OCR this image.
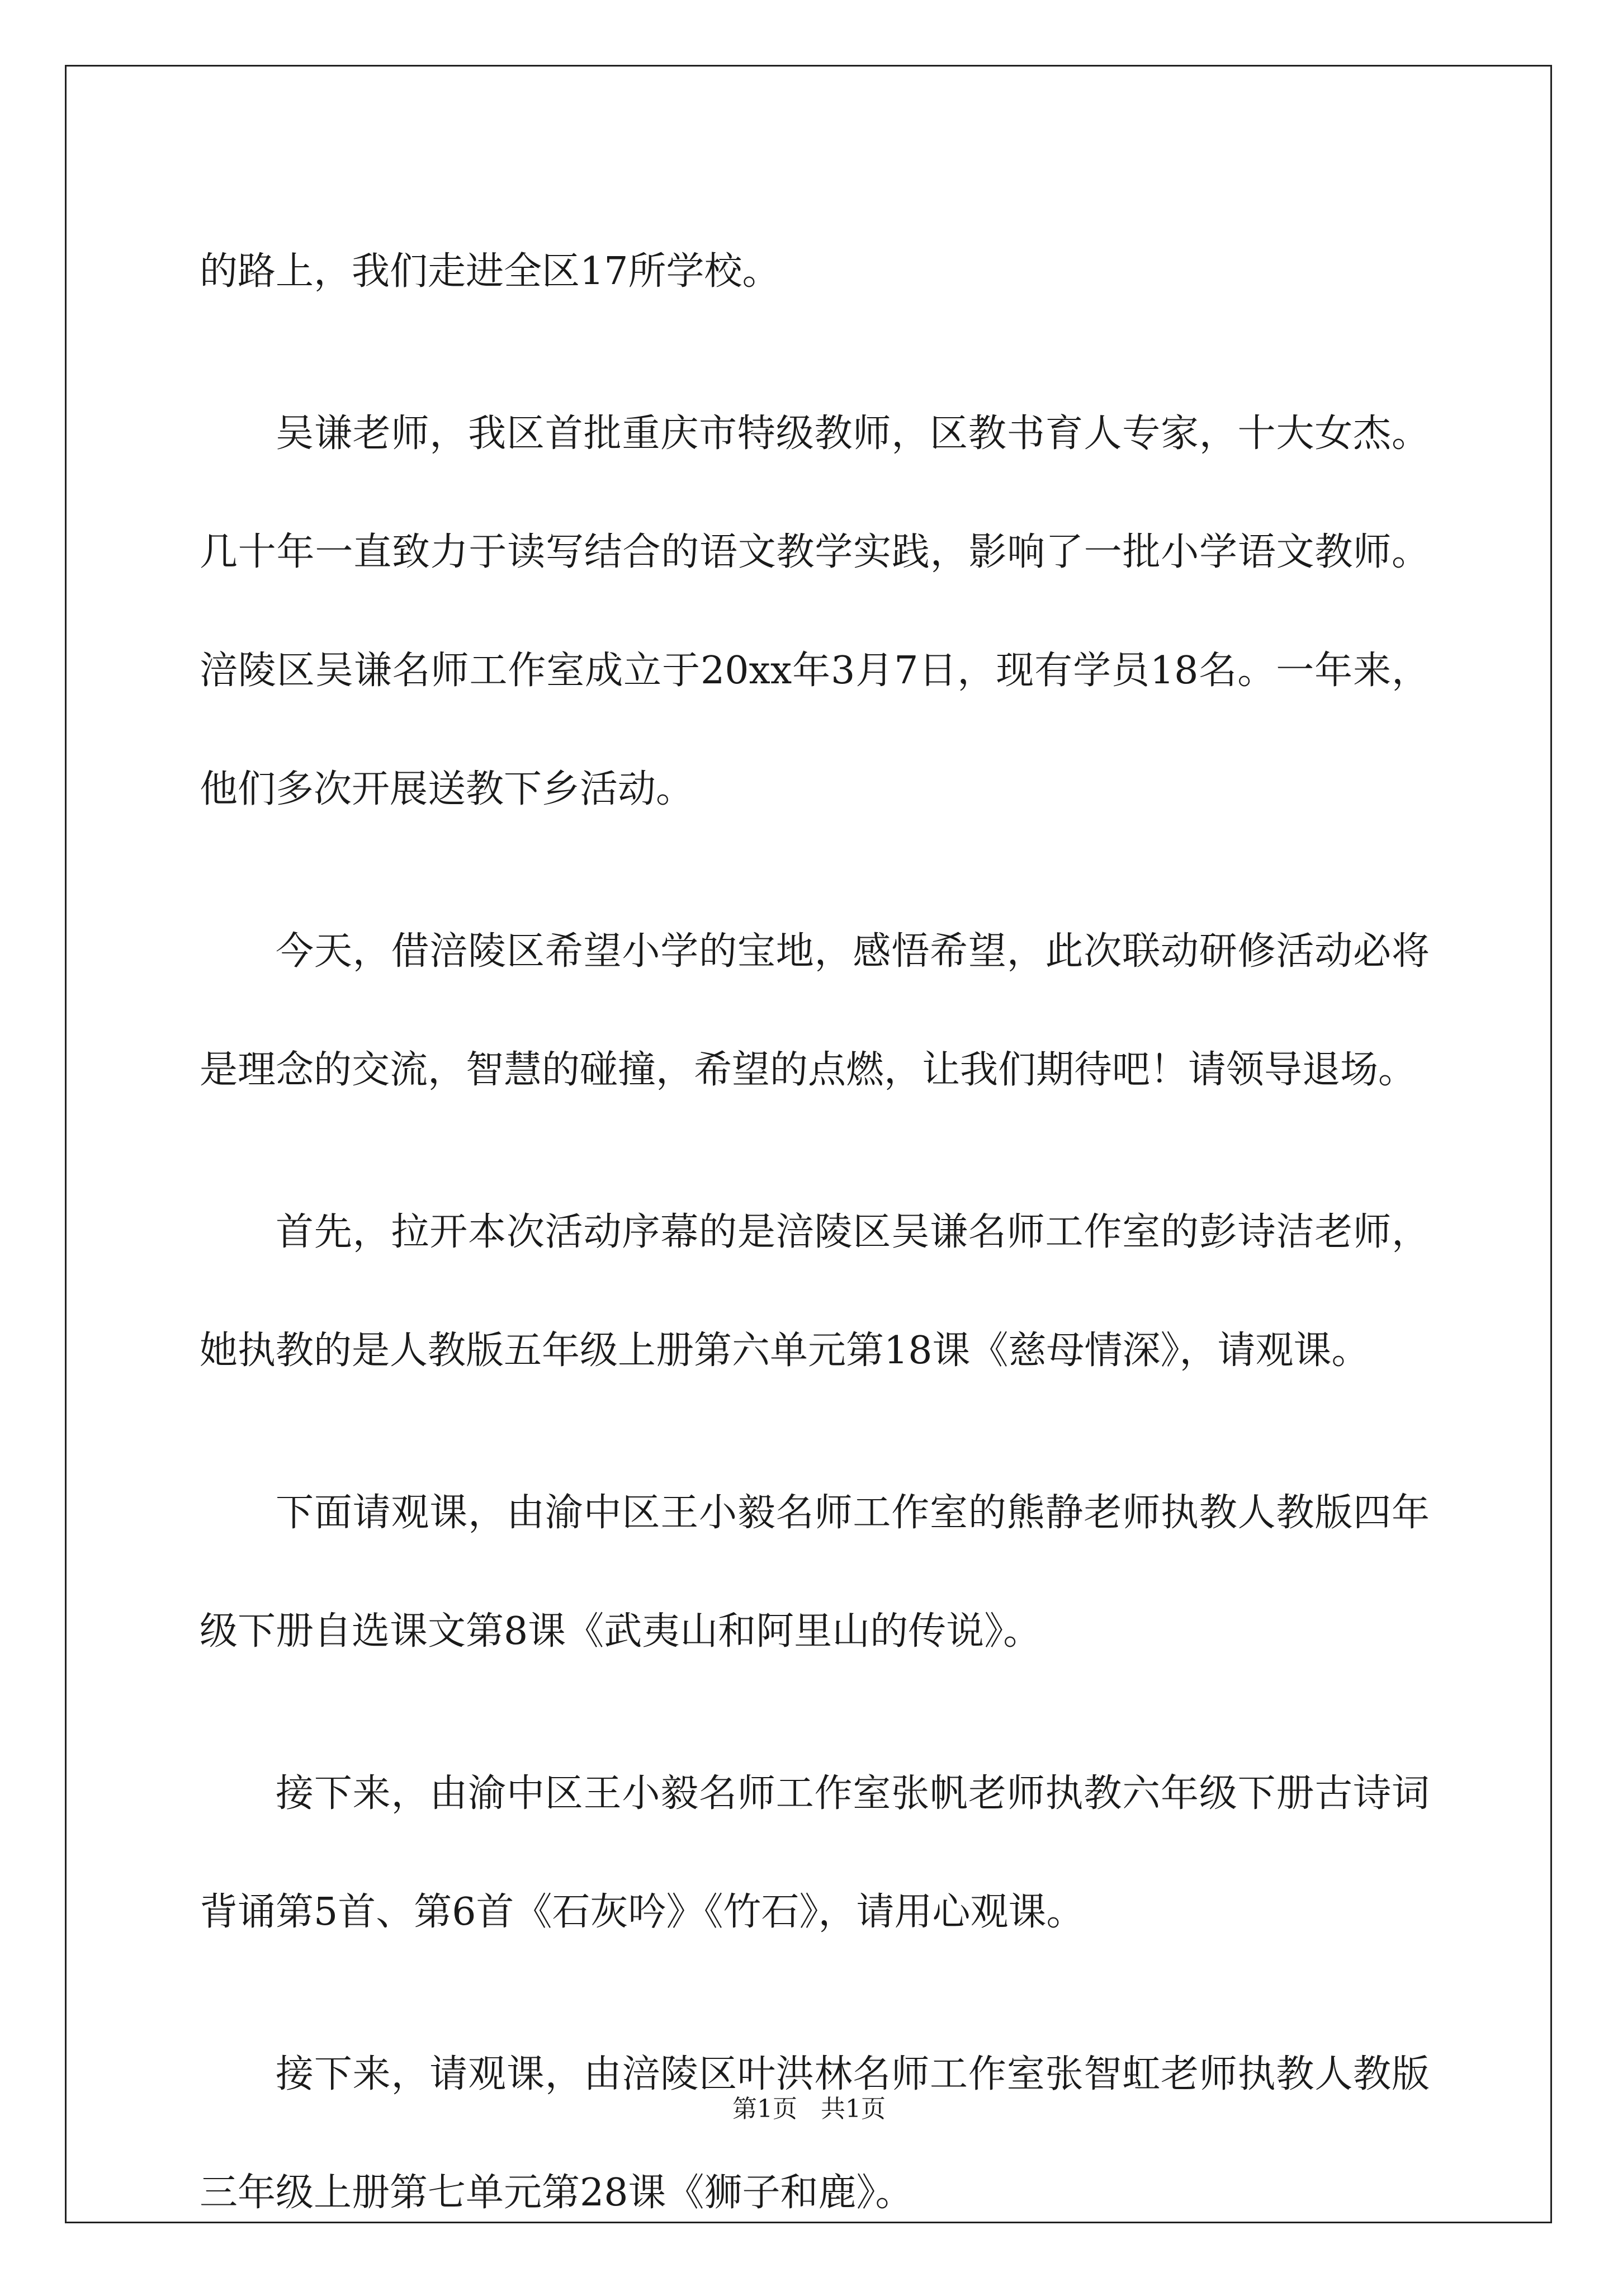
的路上，我们走进全区17所学校。

吴谦老师，我区首批重庆市特级教师，区教书育人专家，十大女杰。几十年一直致力于读写结合的语文教学实践，影响了一批小学语文教师。涪陵区吴谦名师工作室成立于20xx年3月7日，现有学员18名。一年来，他们多次开展送教下乡活动。

今天，借涪陵区希望小学的宝地，感悟希望，此次联动研修活动必将是理念的交流，智慧的碰撞，希望的点燃，让我们期待吧！请领导退场。

首先，拉开本次活动序幕的是涪陵区吴谦名师工作室的彭诗洁老师，她执教的是人教版五年级上册第六单元第18课《慈母情深》，请观课。

下面请观课，由渝中区王小毅名师工作室的熊静老师执教人教版四年级下册自选课文第8课《武夷山和阿里山的传说》。

接下来，由渝中区王小毅名师工作室张帆老师执教六年级下册古诗词背诵第5首、第6首《石灰吟》《竹石》，请用心观课。

接下来，请观课，由涪陵区叶洪林名师工作室张智虹老师执教人教版三年级上册第七单元第28课《狮子和鹿》。

第1页   共1页
